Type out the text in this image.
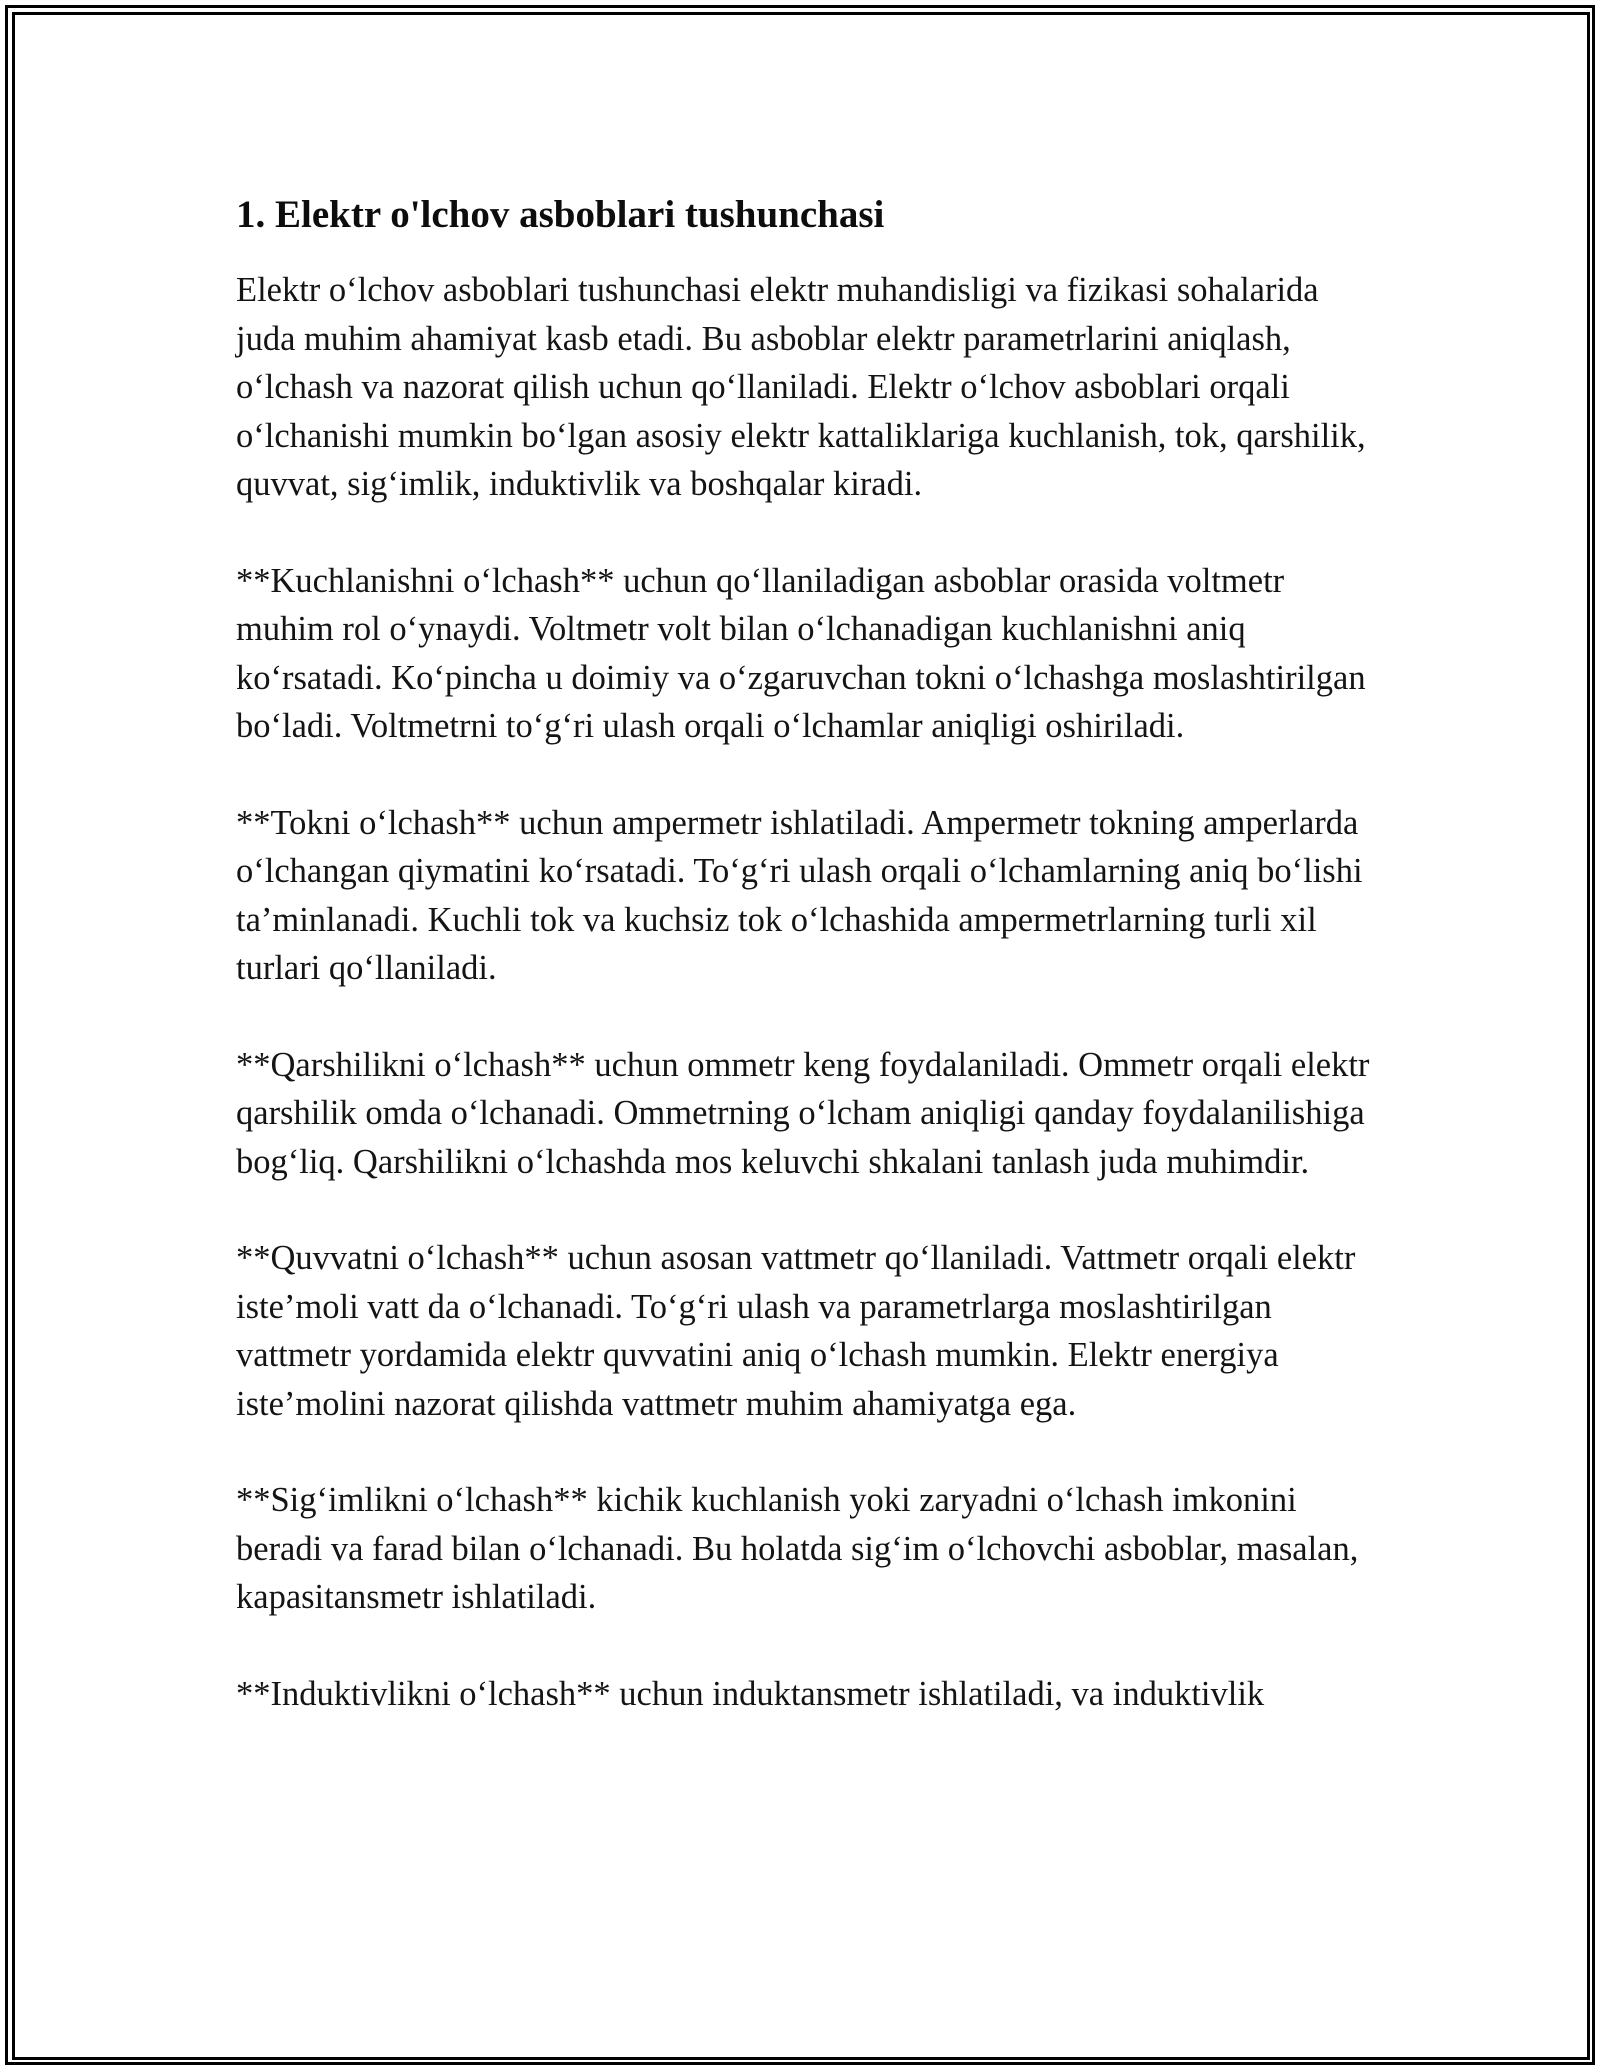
1. Elektr o'lchov asboblari tushunchasi

Elektr o‘lchov asboblari tushunchasi elektr muhandisligi va fizikasi sohalarida juda muhim ahamiyat kasb etadi. Bu asboblar elektr parametrlarini aniqlash, o‘lchash va nazorat qilish uchun qo‘llaniladi. Elektr o‘lchov asboblari orqali o‘lchanishi mumkin bo‘lgan asosiy elektr kattaliklariga kuchlanish, tok, qarshilik, quvvat, sig‘imlik, induktivlik va boshqalar kiradi.

**Kuchlanishni o‘lchash** uchun qo‘llaniladigan asboblar orasida voltmetr muhim rol o‘ynaydi. Voltmetr volt bilan o‘lchanadigan kuchlanishni aniq ko‘rsatadi. Ko‘pincha u doimiy va o‘zgaruvchan tokni o‘lchashga moslashtirilgan bo‘ladi. Voltmetrni to‘g‘ri ulash orqali o‘lchamlar aniqligi oshiriladi.

**Tokni o‘lchash** uchun ampermetr ishlatiladi. Ampermetr tokning amperlarda o‘lchangan qiymatini ko‘rsatadi. To‘g‘ri ulash orqali o‘lchamlarning aniq bo‘lishi ta’minlanadi. Kuchli tok va kuchsiz tok o‘lchashida ampermetrlarning turli xil turlari qo‘llaniladi.

**Qarshilikni o‘lchash** uchun ommetr keng foydalaniladi. Ommetr orqali elektr qarshilik omda o‘lchanadi. Ommetrning o‘lcham aniqligi qanday foydalanilishiga bog‘liq. Qarshilikni o‘lchashda mos keluvchi shkalani tanlash juda muhimdir.

**Quvvatni o‘lchash** uchun asosan vattmetr qo‘llaniladi. Vattmetr orqali elektr iste’moli vatt da o‘lchanadi. To‘g‘ri ulash va parametrlarga moslashtirilgan vattmetr yordamida elektr quvvatini aniq o‘lchash mumkin. Elektr energiya iste’molini nazorat qilishda vattmetr muhim ahamiyatga ega.

**Sig‘imlikni o‘lchash** kichik kuchlanish yoki zaryadni o‘lchash imkonini beradi va farad bilan o‘lchanadi. Bu holatda sig‘im o‘lchovchi asboblar, masalan, kapasitansmetr ishlatiladi.

**Induktivlikni o‘lchash** uchun induktansmetr ishlatiladi, va induktivlik
